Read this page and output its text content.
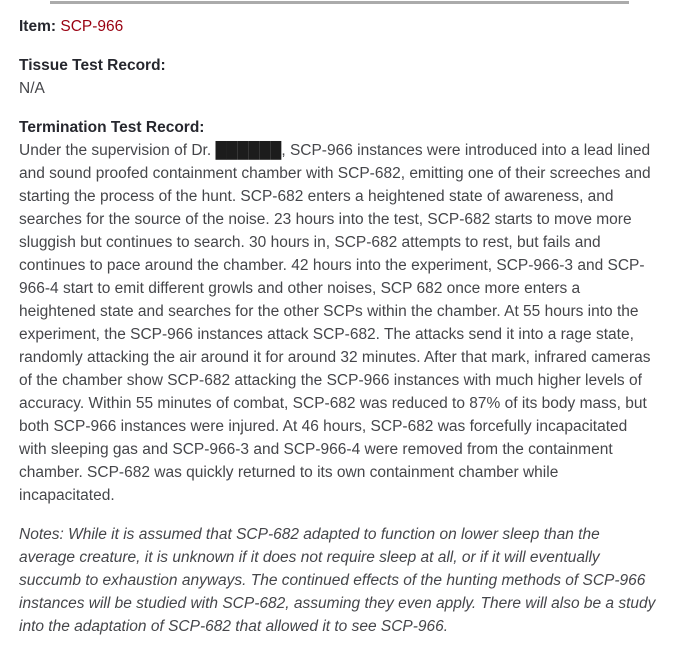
Item: SCP-966

Tissue Test Record:
N/A

Termination Test Record:
Under the supervision of Dr. ██████, SCP-966 instances were introduced into a lead lined and sound proofed containment chamber with SCP-682, emitting one of their screeches and starting the process of the hunt. SCP-682 enters a heightened state of awareness, and searches for the source of the noise. 23 hours into the test, SCP-682 starts to move more sluggish but continues to search. 30 hours in, SCP-682 attempts to rest, but fails and continues to pace around the chamber. 42 hours into the experiment, SCP-966-3 and SCP-966-4 start to emit different growls and other noises, SCP 682 once more enters a heightened state and searches for the other SCPs within the chamber. At 55 hours into the experiment, the SCP-966 instances attack SCP-682. The attacks send it into a rage state, randomly attacking the air around it for around 32 minutes. After that mark, infrared cameras of the chamber show SCP-682 attacking the SCP-966 instances with much higher levels of accuracy. Within 55 minutes of combat, SCP-682 was reduced to 87% of its body mass, but both SCP-966 instances were injured. At 46 hours, SCP-682 was forcefully incapacitated with sleeping gas and SCP-966-3 and SCP-966-4 were removed from the containment chamber. SCP-682 was quickly returned to its own containment chamber while incapacitated.

Notes: While it is assumed that SCP-682 adapted to function on lower sleep than the average creature, it is unknown if it does not require sleep at all, or if it will eventually succumb to exhaustion anyways. The continued effects of the hunting methods of SCP-966 instances will be studied with SCP-682, assuming they even apply. There will also be a study into the adaptation of SCP-682 that allowed it to see SCP-966.
